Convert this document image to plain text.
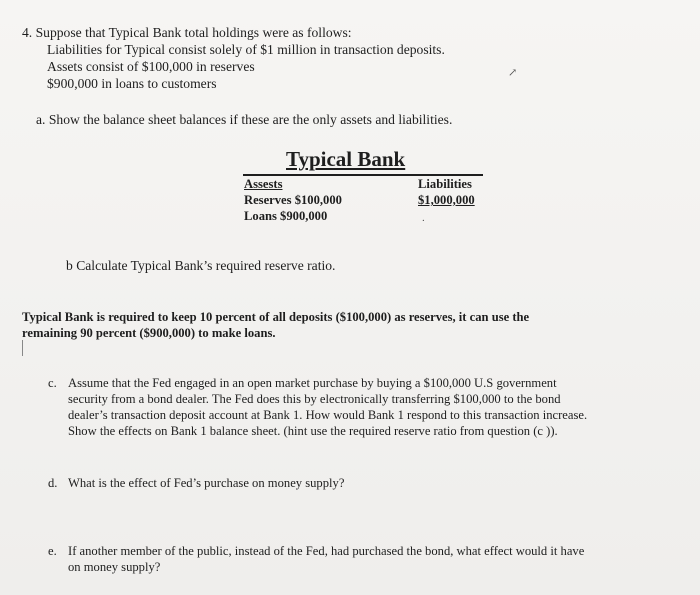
4. Suppose that Typical Bank total holdings were as follows:
Liabilities for Typical consist solely of $1 million in transaction deposits.
Assets consist of $100,000 in reserves
$900,000 in loans to customers
↗
a. Show the balance sheet balances if these are the only assets and liabilities.
Typical Bank
Assests	Liabilities
Reserves $100,000	$1,000,000
Loans $900,000	.
b Calculate Typical Bank’s required reserve ratio.
Typical Bank is required to keep 10 percent of all deposits ($100,000) as reserves, it can use the
remaining 90 percent ($900,000) to make loans.
c. Assume that the Fed engaged in an open market purchase by buying a $100,000 U.S government
security from a bond dealer. The Fed does this by electronically transferring $100,000 to the bond
dealer’s transaction deposit account at Bank 1. How would Bank 1 respond to this transaction increase.
Show the effects on Bank 1 balance sheet. (hint use the required reserve ratio from question (c )).
d. What is the effect of Fed’s purchase on money supply?
e. If another member of the public, instead of the Fed, had purchased the bond, what effect would it have
on money supply?
